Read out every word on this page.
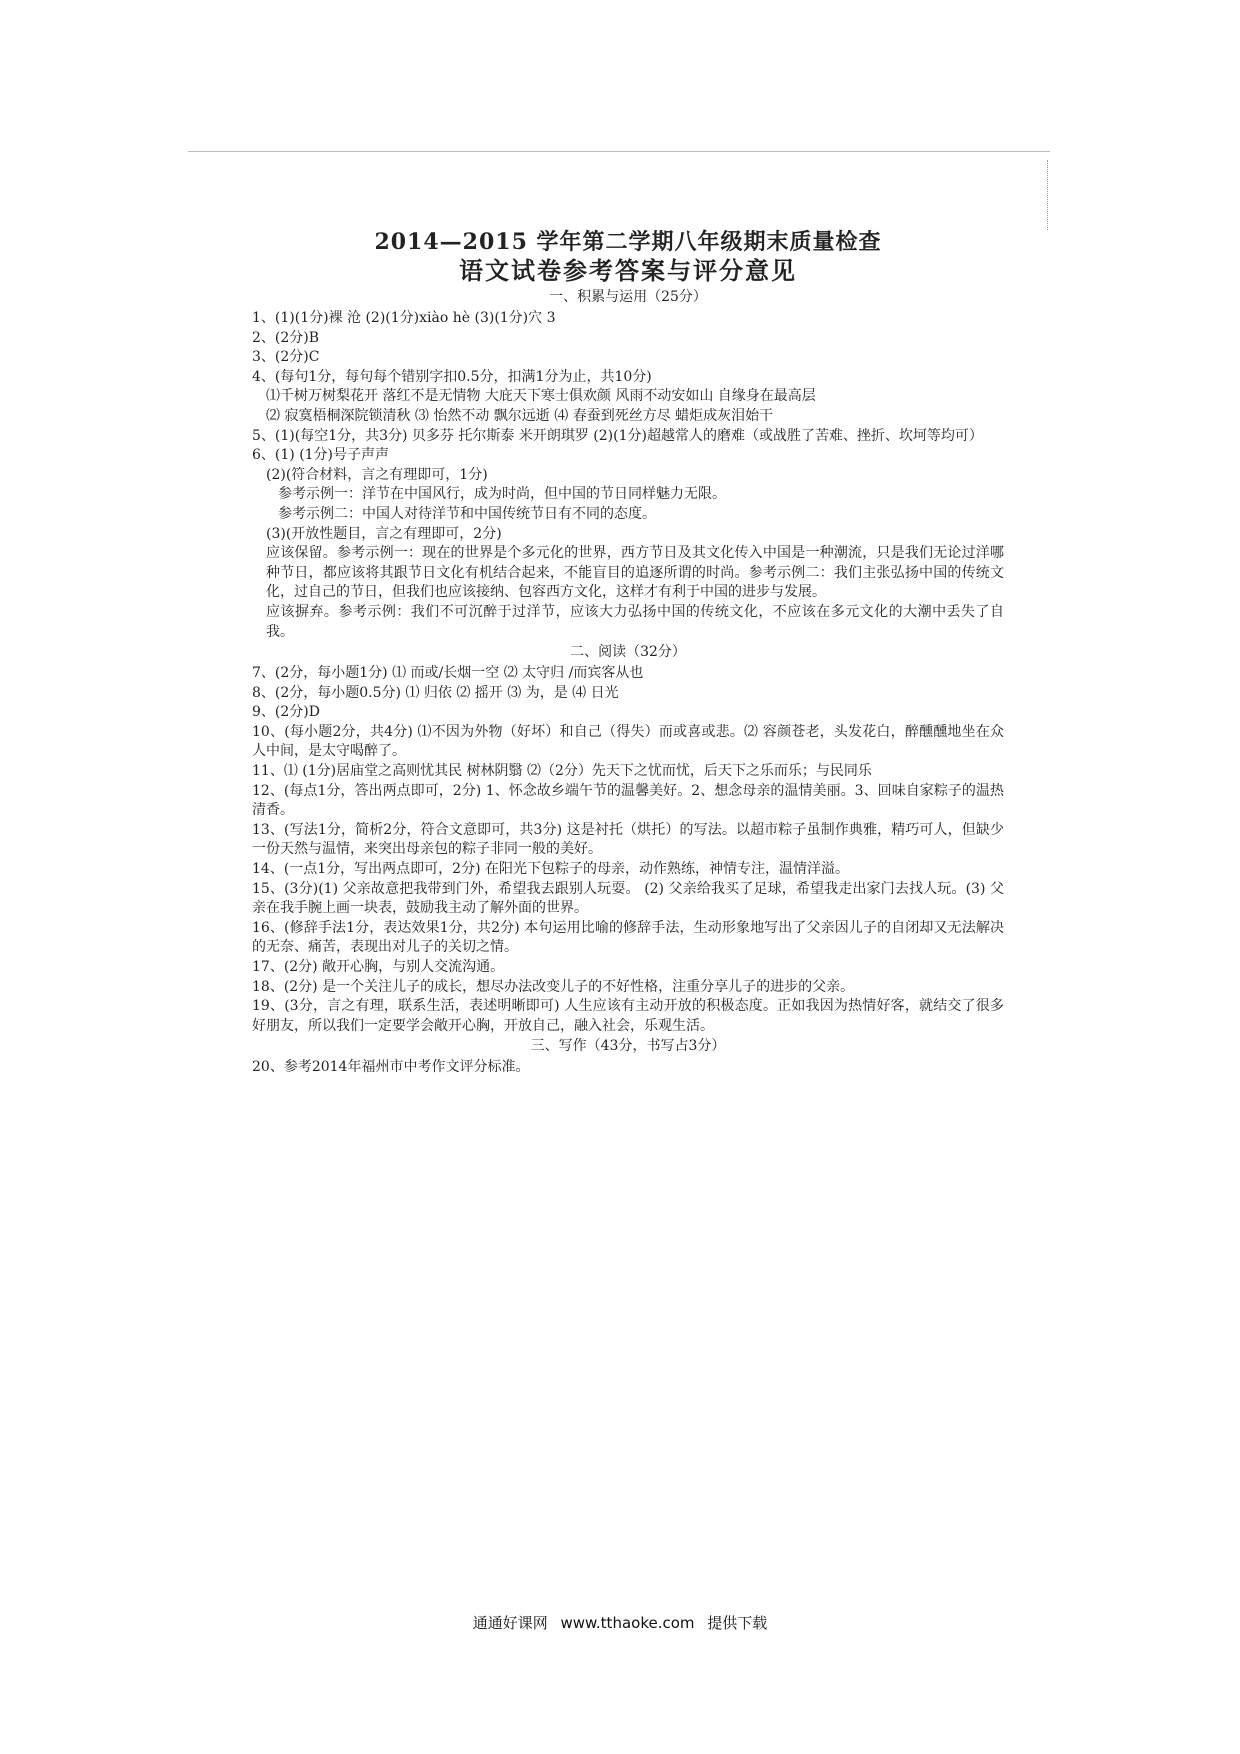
2014—2015 学年第二学期八年级期末质量检查
语文试卷参考答案与评分意见
一、积累与运用（25分）
1、(1)(1分)裸 沧 (2)(1分)xiào hè (3)(1分)穴 3
2、(2分)B
3、(2分)C
4、(每句1分，每句每个错别字扣0.5分，扣满1分为止，共10分)
⑴千树万树梨花开 落红不是无情物 大庇天下寒士俱欢颜 风雨不动安如山 自缘身在最高层
⑵ 寂寞梧桐深院锁清秋 ⑶ 怡然不动 飘尔远逝 ⑷ 春蚕到死丝方尽 蜡炬成灰泪始干
5、(1)(每空1分，共3分) 贝多芬 托尔斯泰 米开朗琪罗 (2)(1分)超越常人的磨难（或战胜了苦难、挫折、坎坷等均可）
6、(1) (1分)号子声声
(2)(符合材料，言之有理即可，1分)
参考示例一：洋节在中国风行，成为时尚，但中国的节日同样魅力无限。
参考示例二：中国人对待洋节和中国传统节日有不同的态度。
(3)(开放性题目，言之有理即可，2分)
应该保留。参考示例一：现在的世界是个多元化的世界，西方节日及其文化传入中国是一种潮流，只是我们无论过洋哪种节日，都应该将其跟节日文化有机结合起来，不能盲目的追逐所谓的时尚。参考示例二：我们主张弘扬中国的传统文化，过自己的节日，但我们也应该接纳、包容西方文化，这样才有利于中国的进步与发展。
应该摒弃。参考示例：我们不可沉醉于过洋节，应该大力弘扬中国的传统文化，不应该在多元文化的大潮中丢失了自我。
二、阅读（32分）
7、(2分，每小题1分) ⑴ 而或/长烟一空 ⑵ 太守归 /而宾客从也
8、(2分，每小题0.5分) ⑴ 归依 ⑵ 摇开 ⑶ 为，是 ⑷ 日光
9、(2分)D
10、(每小题2分，共4分) ⑴不因为外物（好坏）和自己（得失）而或喜或悲。⑵ 容颜苍老，头发花白，醉醺醺地坐在众人中间，是太守喝醉了。
11、⑴ (1分)居庙堂之高则忧其民 树林阴翳 ⑵（2分）先天下之忧而忧，后天下之乐而乐；与民同乐
12、(每点1分，答出两点即可，2分) 1、怀念故乡端午节的温馨美好。2、想念母亲的温情美丽。3、回味自家粽子的温热清香。
13、(写法1分，简析2分，符合文意即可，共3分) 这是衬托（烘托）的写法。以超市粽子虽制作典雅，精巧可人，但缺少一份天然与温情，来突出母亲包的粽子非同一般的美好。
14、(一点1分，写出两点即可，2分) 在阳光下包粽子的母亲，动作熟练，神情专注，温情洋溢。
15、(3分)(1) 父亲故意把我带到门外，希望我去跟别人玩耍。 (2) 父亲给我买了足球，希望我走出家门去找人玩。(3) 父亲在我手腕上画一块表，鼓励我主动了解外面的世界。
16、(修辞手法1分，表达效果1分，共2分) 本句运用比喻的修辞手法，生动形象地写出了父亲因儿子的自闭却又无法解决的无奈、痛苦，表现出对儿子的关切之情。
17、(2分) 敞开心胸，与别人交流沟通。
18、(2分) 是一个关注儿子的成长，想尽办法改变儿子的不好性格，注重分享儿子的进步的父亲。
19、(3分，言之有理，联系生活，表述明晰即可) 人生应该有主动开放的积极态度。正如我因为热情好客，就结交了很多好朋友，所以我们一定要学会敞开心胸，开放自己，融入社会，乐观生活。
三、写作（43分，书写占3分）
20、参考2014年福州市中考作文评分标准。
通通好课网 www.tthaoke.com 提供下载
